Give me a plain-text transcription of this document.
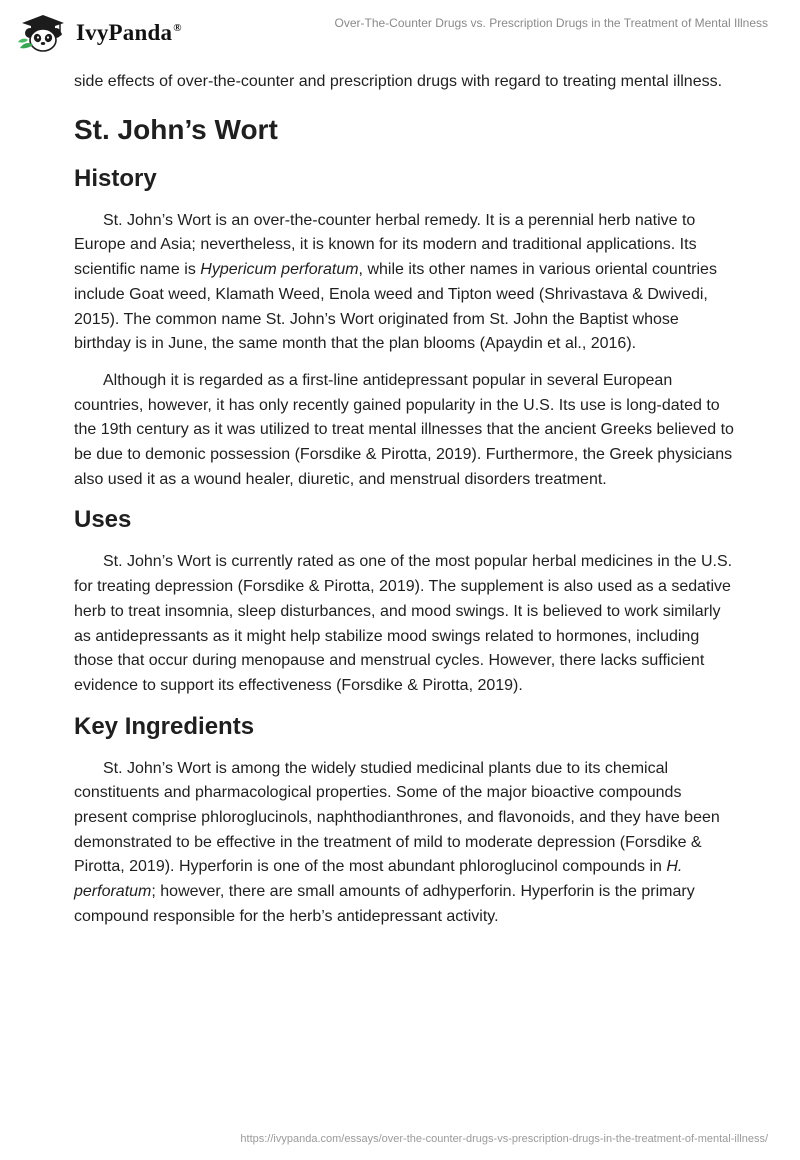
IvyPanda®	Over-The-Counter Drugs vs. Prescription Drugs in the Treatment of Mental Illness

side effects of over-the-counter and prescription drugs with regard to treating mental illness.

St. John’s Wort
History

St. John’s Wort is an over-the-counter herbal remedy. It is a perennial herb native to Europe and Asia; nevertheless, it is known for its modern and traditional applications. Its scientific name is Hypericum perforatum, while its other names in various oriental countries include Goat weed, Klamath Weed, Enola weed and Tipton weed (Shrivastava & Dwivedi, 2015). The common name St. John’s Wort originated from St. John the Baptist whose birthday is in June, the same month that the plan blooms (Apaydin et al., 2016).

Although it is regarded as a first-line antidepressant popular in several European countries, however, it has only recently gained popularity in the U.S. Its use is long-dated to the 19th century as it was utilized to treat mental illnesses that the ancient Greeks believed to be due to demonic possession (Forsdike & Pirotta, 2019). Furthermore, the Greek physicians also used it as a wound healer, diuretic, and menstrual disorders treatment.

Uses

St. John’s Wort is currently rated as one of the most popular herbal medicines in the U.S. for treating depression (Forsdike & Pirotta, 2019). The supplement is also used as a sedative herb to treat insomnia, sleep disturbances, and mood swings. It is believed to work similarly as antidepressants as it might help stabilize mood swings related to hormones, including those that occur during menopause and menstrual cycles. However, there lacks sufficient evidence to support its effectiveness (Forsdike & Pirotta, 2019).

Key Ingredients

St. John’s Wort is among the widely studied medicinal plants due to its chemical constituents and pharmacological properties. Some of the major bioactive compounds present comprise phloroglucinols, naphthodianthrones, and flavonoids, and they have been demonstrated to be effective in the treatment of mild to moderate depression (Forsdike & Pirotta, 2019). Hyperforin is one of the most abundant phloroglucinol compounds in H. perforatum; however, there are small amounts of adhyperforin. Hyperforin is the primary compound responsible for the herb’s antidepressant activity.

https://ivypanda.com/essays/over-the-counter-drugs-vs-prescription-drugs-in-the-treatment-of-mental-illness/
